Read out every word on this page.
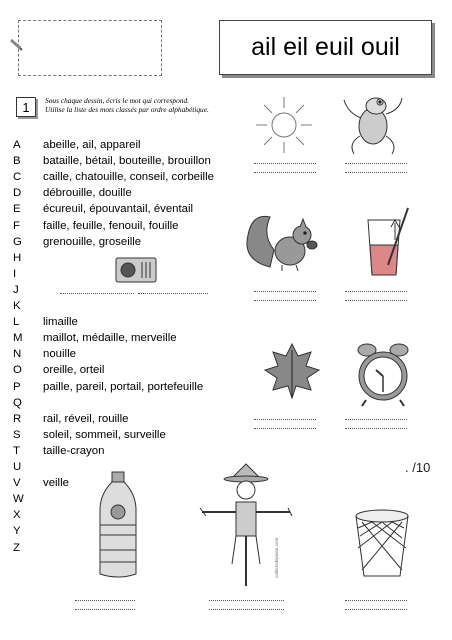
ail eil euil ouil
1	Sous chaque dessin, écris le mot qui correspond.
Utilise la liste des mots classés par ordre alphabétique.
A
B
C
D
E
F
G
H
I
J
K
L
M
N
O
P
Q
R
S
T
U
V
W
X
Y
Z
abeille, ail, appareil
bataille, bétail, bouteille, brouillon
caille, chatouille, conseil, corbeille
débrouille, douille
écureuil, épouvantail, éventail
faille, feuille, fenouil, fouille
grenouille, groseille
limaille
maillot, médaille, merveille
nouille
oreille, orteil
paille, pareil, portail, portefeuille
rail, réveil, rouille
soleil, sommeil, surveille
taille-crayon
veille
cahiersdejanne.com
. /10
